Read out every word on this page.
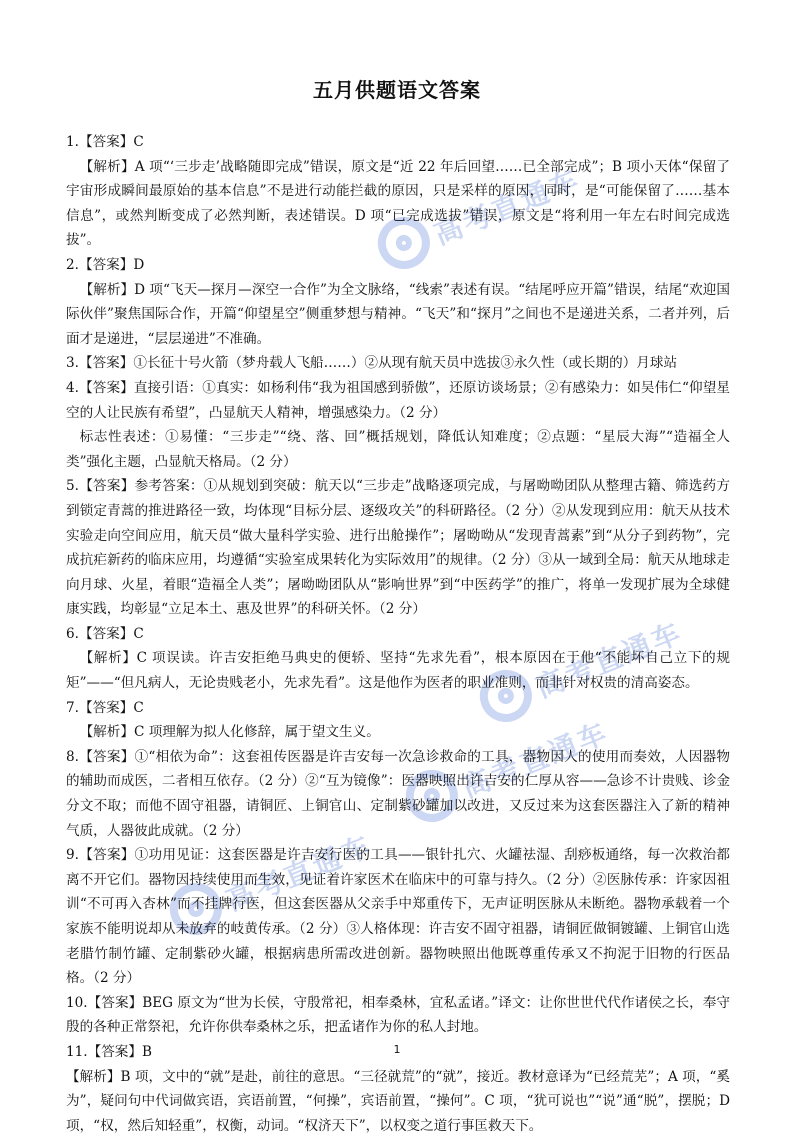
高考直通车
高考直通车
高考直通车
高考直通车
五月供题语文答案
1.【答案】C
【解析】A 项“‘三步走’战略随即完成”错误，原文是“近 22 年后回望……已全部完成”；B 项小天体“保留了宇宙形成瞬间最原始的基本信息”不是进行动能拦截的原因，只是采样的原因，同时，是“可能保留了……基本信息”，或然判断变成了必然判断，表述错误。D 项“已完成选拔”错误，原文是“将利用一年左右时间完成选拔”。
2.【答案】D
【解析】D 项“飞天—探月—深空一合作”为全文脉络，“线索”表述有误。“结尾呼应开篇”错误，结尾“欢迎国际伙伴”聚焦国际合作，开篇“仰望星空”侧重梦想与精神。“飞天”和“探月”之间也不是递进关系，二者并列，后面才是递进，“层层递进”不准确。
3.【答案】①长征十号火箭（梦舟载人飞船……）②从现有航天员中选拔③永久性（或长期的）月球站
4.【答案】直接引语：①真实：如杨利伟“我为祖国感到骄傲”，还原访谈场景；②有感染力：如吴伟仁“仰望星空的人让民族有希望”，凸显航天人精神，增强感染力。（2 分）
标志性表述：①易懂：“三步走”“绕、落、回”概括规划，降低认知难度；②点题：“星辰大海”“造福全人类”强化主题，凸显航天格局。（2 分）
5.【答案】参考答案：①从规划到突破：航天以“三步走”战略逐项完成，与屠呦呦团队从整理古籍、筛选药方到锁定青蒿的推进路径一致，均体现“目标分层、逐级攻关”的科研路径。（2 分）②从发现到应用：航天从技术实验走向空间应用，航天员“做大量科学实验、进行出舱操作”；屠呦呦从“发现青蒿素”到“从分子到药物”，完成抗疟新药的临床应用，均遵循“实验室成果转化为实际效用”的规律。（2 分）③从一域到全局：航天从地球走向月球、火星，着眼“造福全人类”；屠呦呦团队从“影响世界”到“中医药学”的推广，将单一发现扩展为全球健康实践，均彰显“立足本土、惠及世界”的科研关怀。（2 分）
6.【答案】C
【解析】C 项误读。许吉安拒绝马典史的便轿、坚持“先求先看”，根本原因在于他“不能坏自己立下的规矩”——“但凡病人，无论贵贱老小，先求先看”。这是他作为医者的职业准则，而非针对权贵的清高姿态。
7.【答案】C
【解析】C 项理解为拟人化修辞，属于望文生义。
8.【答案】①“相依为命”：这套祖传医器是许吉安每一次急诊救命的工具，器物因人的使用而奏效，人因器物的辅助而成医，二者相互依存。（2 分）②“互为镜像”：医器映照出许吉安的仁厚从容——急诊不计贵贱、诊金分文不取；而他不固守祖器，请铜匠、上铜官山、定制紫砂罐加以改进，又反过来为这套医器注入了新的精神气质，人器彼此成就。（2 分）
9.【答案】①功用见证：这套医器是许吉安行医的工具——银针扎穴、火罐祛湿、刮痧板通络，每一次救治都离不开它们。器物因持续使用而生效，见证着许家医术在临床中的可靠与持久。（2 分）②医脉传承：许家因祖训“不可再入杏林”而不挂牌行医，但这套医器从父亲手中郑重传下，无声证明医脉从未断绝。器物承载着一个家族不能明说却从未放弃的岐黄传承。（2 分）③人格体现：许吉安不固守祖器，请铜匠做铜镀罐、上铜官山选老腊竹制竹罐、定制紫砂火罐，根据病患所需改进创新。器物映照出他既尊重传承又不拘泥于旧物的行医品格。（2 分）
10.【答案】BEG 原文为“世为长侯，守殷常祀，相奉桑林，宜私孟诸。”译文：让你世世代代作诸侯之长，奉守殷的各种正常祭祀，允许你供奉桑林之乐，把孟诸作为你的私人封地。
11.【答案】B
【解析】B 项，文中的“就”是赴，前往的意思。“三径就荒”的“就”，接近。教材意译为“已经荒芜”；A 项，“奚为”，疑问句中代词做宾语，宾语前置，“何操”，宾语前置，“操何”。C 项，“犹可说也”“说”通“脱”，摆脱；D 项，“权，然后知轻重”，权衡，动词。“权济天下”，以权变之道行事匡救天下。
1
